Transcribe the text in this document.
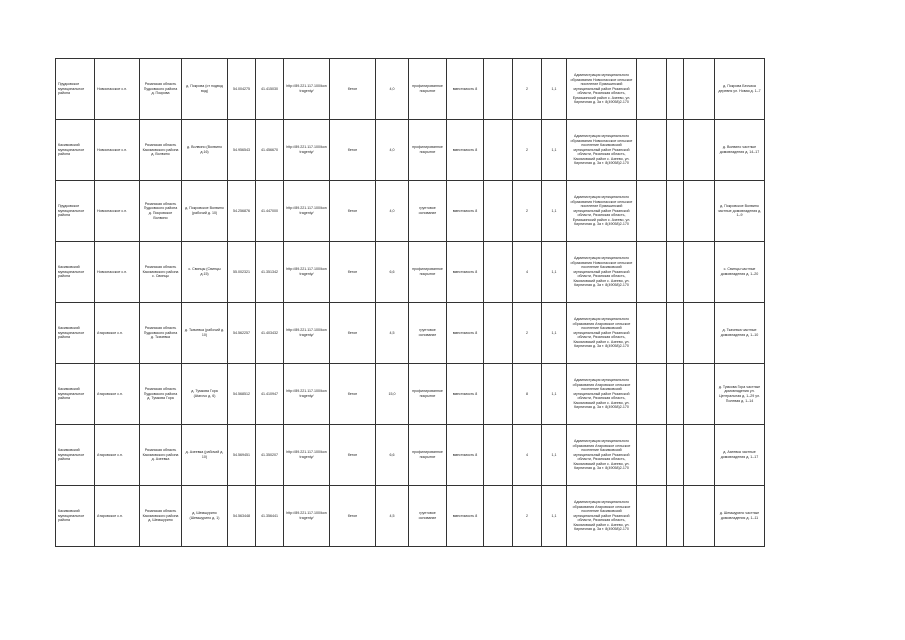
Прудковское муниципальное района	Новоспасское с.п.	Рязанская область Пудковского района д. Покрова	д. Покрова (от подвод вод)	54.004275	41.415030	http://89.221.117.100/kontragenty/	бетон	4,0	профилированное покрытие	вместимость 8		2	1,1	Администрация муниципального образования Новоспасское сельское поселение Ермишинский муниципальный район Рязанской области, Рязанская область, Ермишинский район с. Азеево, ул. Кирпичная д. 3а т. 8(49058)2-170				д. Покрова Бесчика деревня ул. Новая д. 1–7
Касимовский муниципальное района	Новоспасское с.п.	Рязанская область Касимовского района д. Волвино	д. Волвино (Волвино д.16)	54.956543	41.456670	http://89.221.117.100/kontragenty/	бетон	4,0	профилированное покрытие	вместимость 8		2	1,1	Администрация муниципального образования Новоспасское сельское поселение Касимовский муниципальный район Рязанской области, Рязанская область, Касимовский район с. Азеево, ул. Кирпичная д. 3а т. 8(49058)2-170				д. Волвино частные домовладения д. 14–17
Прудковское муниципальное района	Новоспасское с.п.	Рязанская область Пудковского района д. Покровское Волвино	д. Покровское Волвино (рабочий д. 10)	54.256876	41.447000	http://89.221.117.100/kontragenty/	бетон	4,0	грунтовое основание	вместимость 8		2	1,1	Администрация муниципального образования Новоспасское сельское поселение Ермишинский муниципальный район Рязанской области, Рязанская область, Ермишинский район с. Азеево, ул. Кирпичная д. 3а т. 8(49058)2-170				д. Покровское Волвино частные домовладения д. 1–9
Касимовский муниципальное района	Новоспасское с.п.	Рязанская область Касимовского района с. Свинцы	с. Свинцы (Свинцы д.15)	55.002321	41.351342	http://89.221.117.100/kontragenty/	бетон	6,6	профилированное покрытие	вместимость 8		4	1,1	Администрация муниципального образования Новоспасское сельское поселение Касимовский муниципальный район Рязанской области, Рязанская область, Касимовский район с. Азеево, ул. Кирпичная д. 3а т. 8(49058)2-170				с. Свинцы частные домовладения д. 1–20
Касимовский муниципальное района	Атаровское с.п.	Рязанская область Пудковского района д. Ткачевка	д. Ткачевка (рабочий д. 10)	54.562257	41.403432	http://89.221.117.100/kontragenty/	бетон	4,5	грунтовое основание	вместимость 8		2	1,1	Администрация муниципального образования Атаровское сельское поселение Касимовский муниципальный район Рязанской области, Рязанская область, Касимовский район с. Азеево, ул. Кирпичная д. 3а т. 8(49058)2-170				д. Ткачевка частные домовладения д. 1–10
Касимовский муниципальное района	Атаровское с.п.	Рязанская область Пудковского района д. Тумкова Гора	д. Тумкова Гора (Atarovo д. 6)	54.568512	41.410947	http://89.221.117.100/kontragenty/	бетон	15,0	профилированное покрытие	вместимость 8		8	1,1	Администрация муниципального образования Атаровское сельское поселение Касимовский муниципальный район Рязанской области, Рязанская область, Касимовский район с. Азеево, ул. Кирпичная д. 3а т. 8(49058)2-170				д. Тумкова Гора частные домовладения ул. Центральная д. 1–29 ул. Полевая д. 1–14
Касимовский муниципальное района	Атаровское с.п.	Рязанская область Касимовского района д. Азеевка	д. Азеевка (рабочий д. 10)	54.569451	41.350207	http://89.221.117.100/kontragenty/	бетон	6,6	профилированное покрытие	вместимость 8		4	1,1	Администрация муниципального образования Атаровское сельское поселение Касимовский муниципальный район Рязанской области, Рязанская область, Касимовский район с. Азеево, ул. Кирпичная д. 3а т. 8(49058)2-170				д. Азеевка частные домовладения д. 1–17
Касимовский муниципальное района	Атаровское с.п.	Рязанская область Касимовского района д. Шемшурино	д. Шемшурино (Шемшурино д. 1)	54.563448	41.356441	http://89.221.117.100/kontragenty/	бетон	4,5	грунтовое основание	вместимость 8		2	1,1	Администрация муниципального образования Атаровское сельское поселение Касимовский муниципальный район Рязанской области, Рязанская область, Касимовский район с. Азеево, ул. Кирпичная д. 3а т. 8(49058)2-170				д. Шемшурино частные домовладения д. 1–11
